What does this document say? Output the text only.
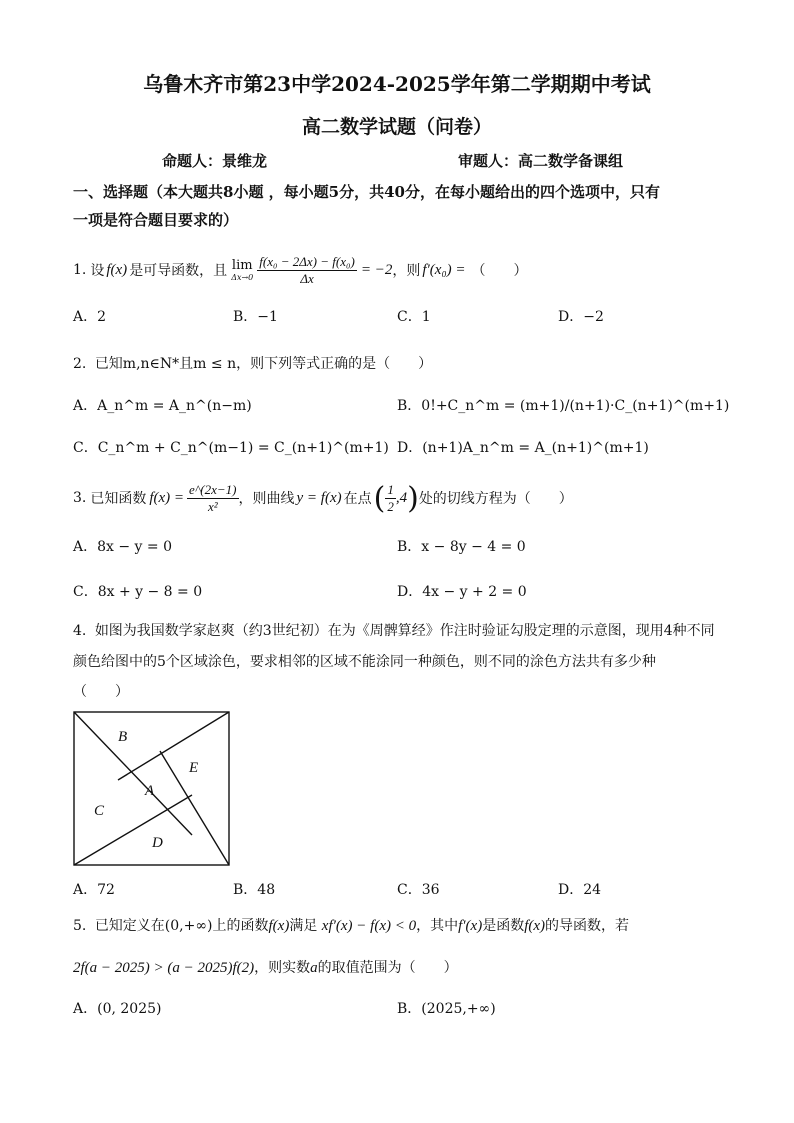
乌鲁木齐市第23中学2024-2025学年第二学期期中考试
高二数学试题（问卷）
命题人：景维龙	审题人：高二数学备课组
一、选择题（本大题共8小题 ，每小题5分，共40分，在每小题给出的四个选项中，只有
一项是符合题目要求的）
1. 设 f(x) 是可导函数，且 lim
$\Delta x\to 0 \frac{\text{f(x₀ − 2Δx) − f(x₀)}}{\Delta x} = -2$ ，则 f′(x₀) = （　　）
A．2	B．−1	C．1	D．−2
2. 已知m,n∈N*且m ≤ n，则下列等式正确的是（　　）
A．A_n^m = A_n^(n−m)	B．0!+C_n^m = (m+1)/(n+1)·C_(n+1)^(m+1)
C．C_n^m + C_n^(m−1) = C_(n+1)^(m+1) D．(n+1)A_n^m = A_(n+1)^(m+1)
3. 已知函数 $f(x) = \frac{e\^{}(2x-1)}{\text{x²}}$ ，则曲线 y = f(x) 在点 ( $\frac{1}{2} ,4$ ) 处的切线方程为（　　）
A．8x − y = 0	B．x − 8y − 4 = 0
C．8x + y − 8 = 0	D．4x − y + 2 = 0
4. 如图为我国数学家赵爽（约3世纪初）在为《周髀算经》作注时验证勾股定理的示意图，现用4种不同
颜色给图中的5个区域涂色，要求相邻的区域不能涂同一种颜色，则不同的涂色方法共有多少种
（　　）
B
E
A
C
D
A．72	B．48	C．36	D．24
5. 已知定义在(0,+∞)上的函数f(x)满足 xf′(x) − f(x) < 0，其中f′(x)是函数f(x)的导函数，若
2f(a − 2025) > (a − 2025)f(2)，则实数a的取值范围为（　　）
A．(0, 2025)	B．(2025,+∞)
